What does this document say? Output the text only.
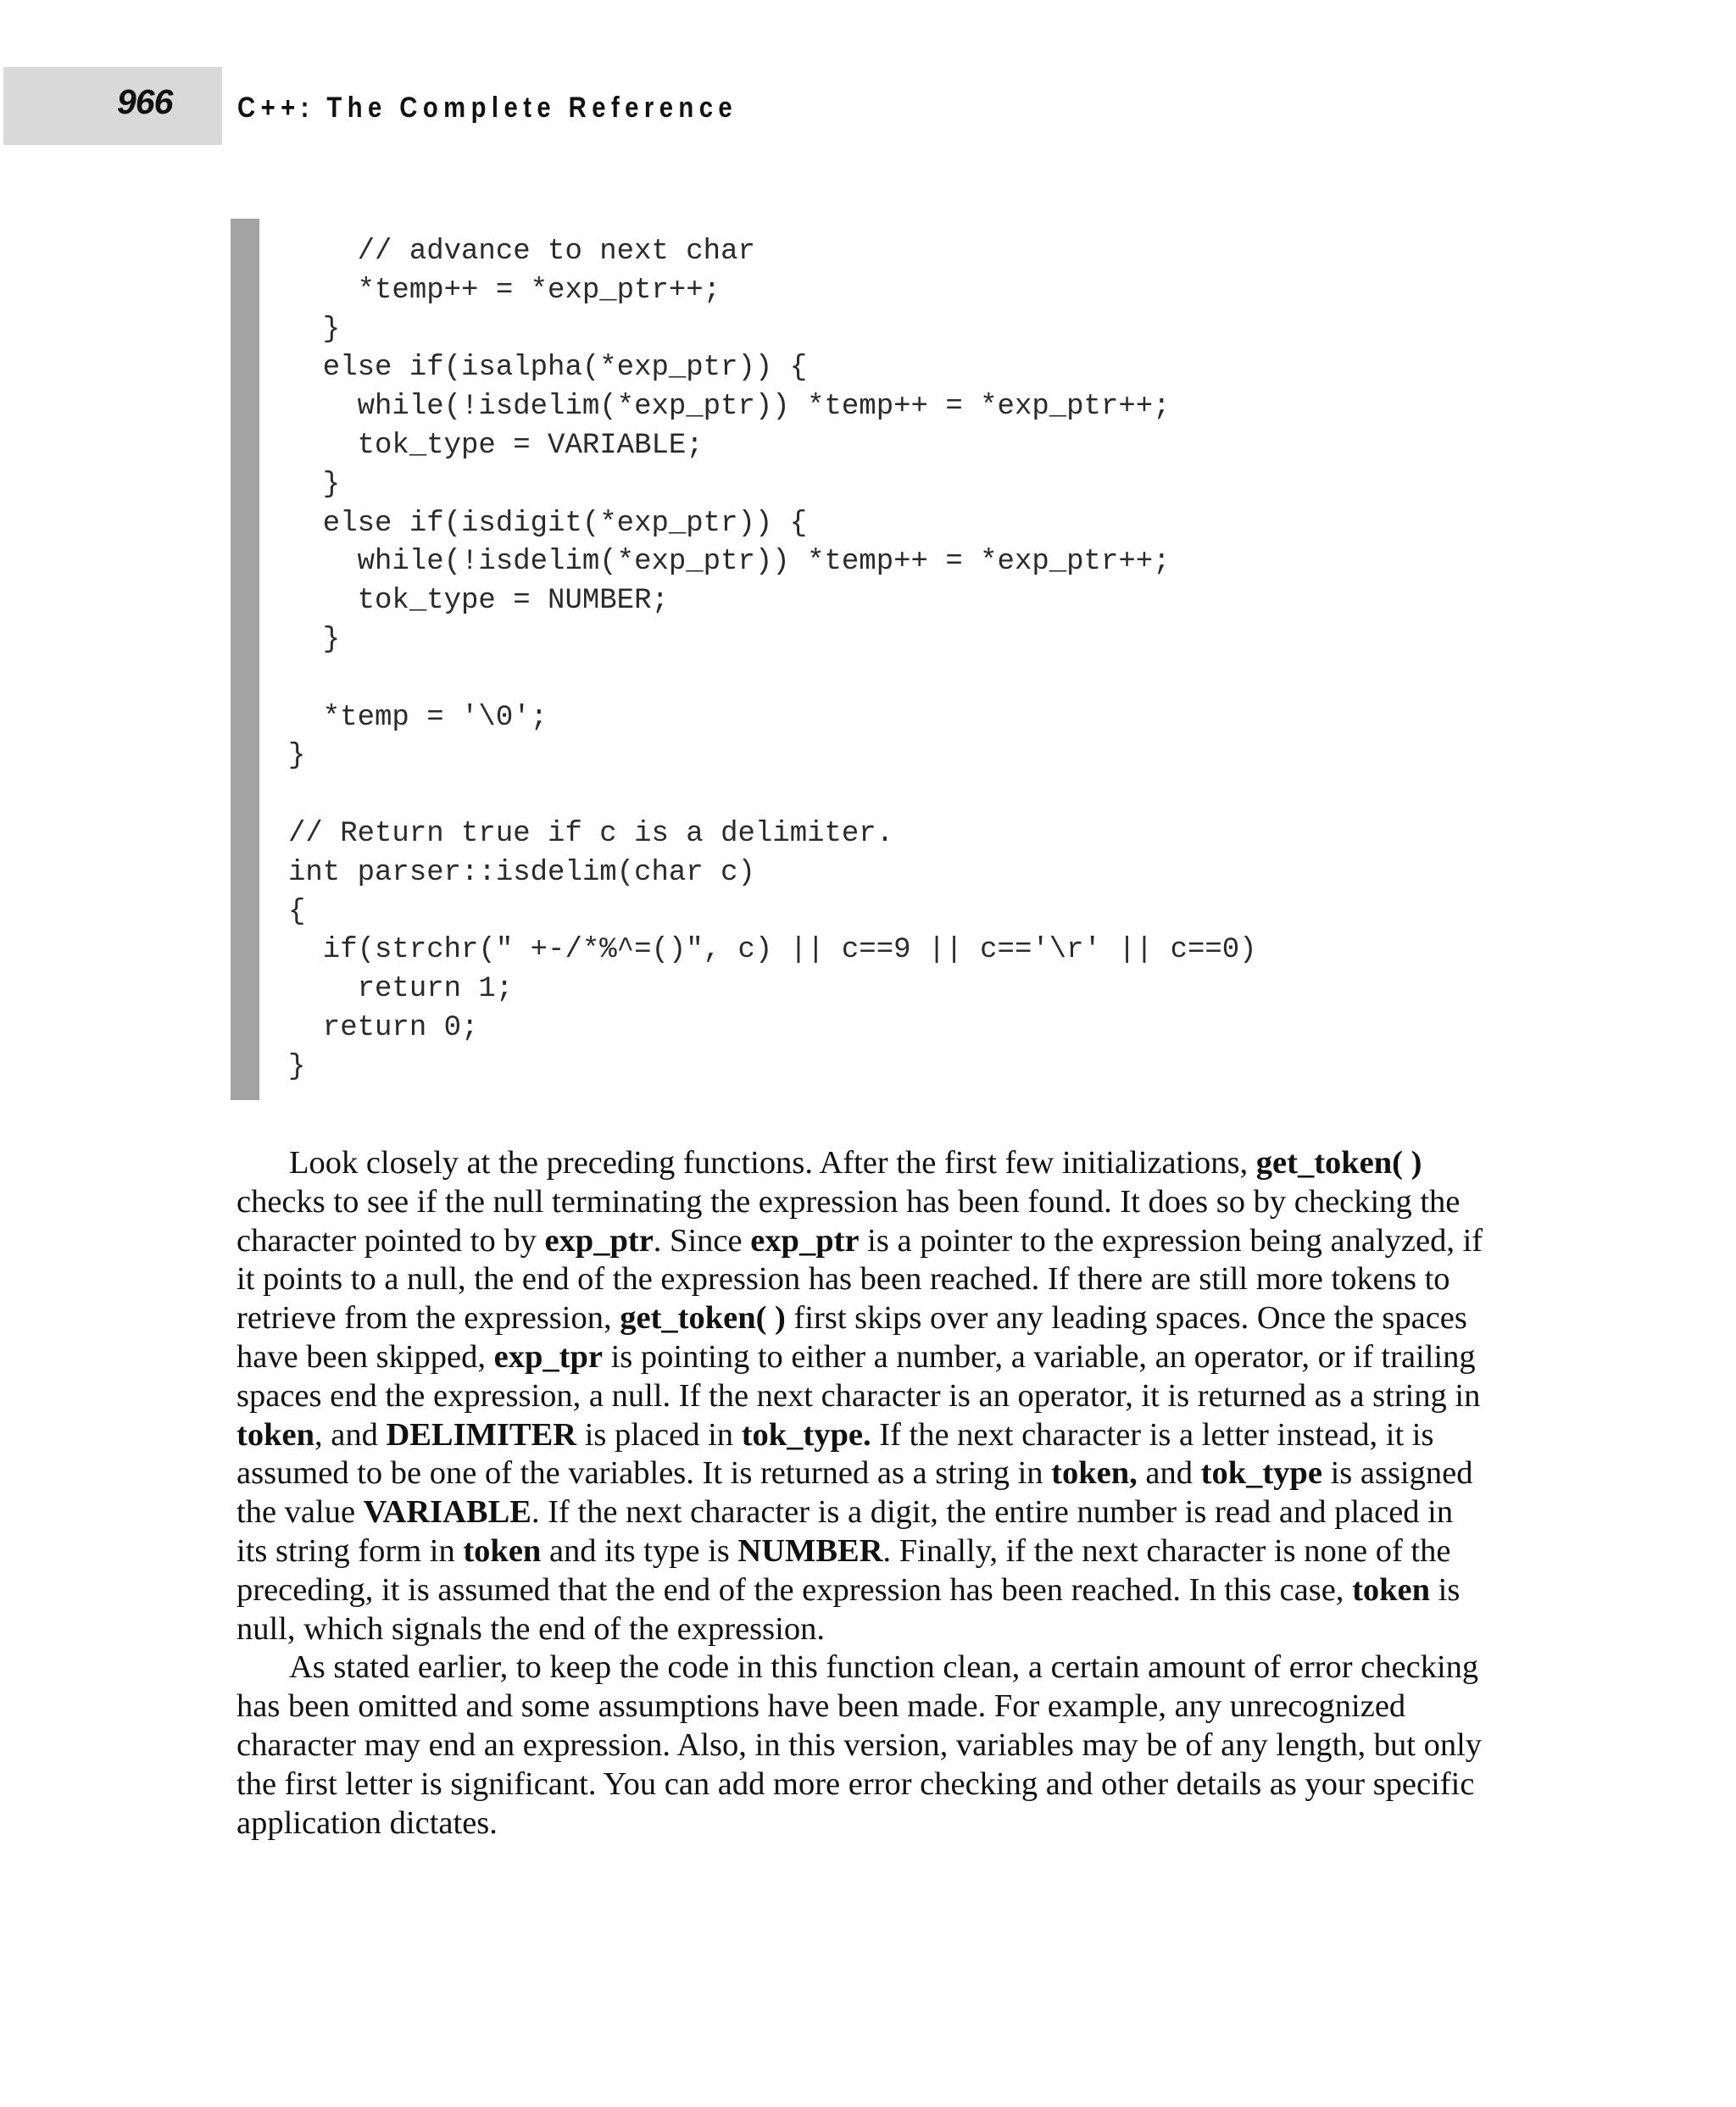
966 C++: The Complete Reference
// advance to next char
*temp++ = *exp_ptr++;
}
else if(isalpha(*exp_ptr)) {
while(!isdelim(*exp_ptr)) *temp++ = *exp_ptr++;
tok_type = VARIABLE;
}
else if(isdigit(*exp_ptr)) {
while(!isdelim(*exp_ptr)) *temp++ = *exp_ptr++;
tok_type = NUMBER;
}
*temp = '\0';
}
// Return true if c is a delimiter.
int parser::isdelim(char c)
{
if(strchr(" +-/*%^=()", c) || c==9 || c=='\r' || c==0)
return 1;
return 0;
}

Look closely at the preceding functions. After the first few initializations, get_token( ) checks to see if the null terminating the expression has been found. It does so by checking the character pointed to by exp_ptr. Since exp_ptr is a pointer to the expression being analyzed, if it points to a null, the end of the expression has been reached. If there are still more tokens to retrieve from the expression, get_token( ) first skips over any leading spaces. Once the spaces have been skipped, exp_tpr is pointing to either a number, a variable, an operator, or if trailing spaces end the expression, a null. If the next character is an operator, it is returned as a string in token, and DELIMITER is placed in tok_type. If the next character is a letter instead, it is assumed to be one of the variables. It is returned as a string in token, and tok_type is assigned the value VARIABLE. If the next character is a digit, the entire number is read and placed in its string form in token and its type is NUMBER. Finally, if the next character is none of the preceding, it is assumed that the end of the expression has been reached. In this case, token is null, which signals the end of the expression.

As stated earlier, to keep the code in this function clean, a certain amount of error checking has been omitted and some assumptions have been made. For example, any unrecognized character may end an expression. Also, in this version, variables may be of any length, but only the first letter is significant. You can add more error checking and other details as your specific application dictates.
